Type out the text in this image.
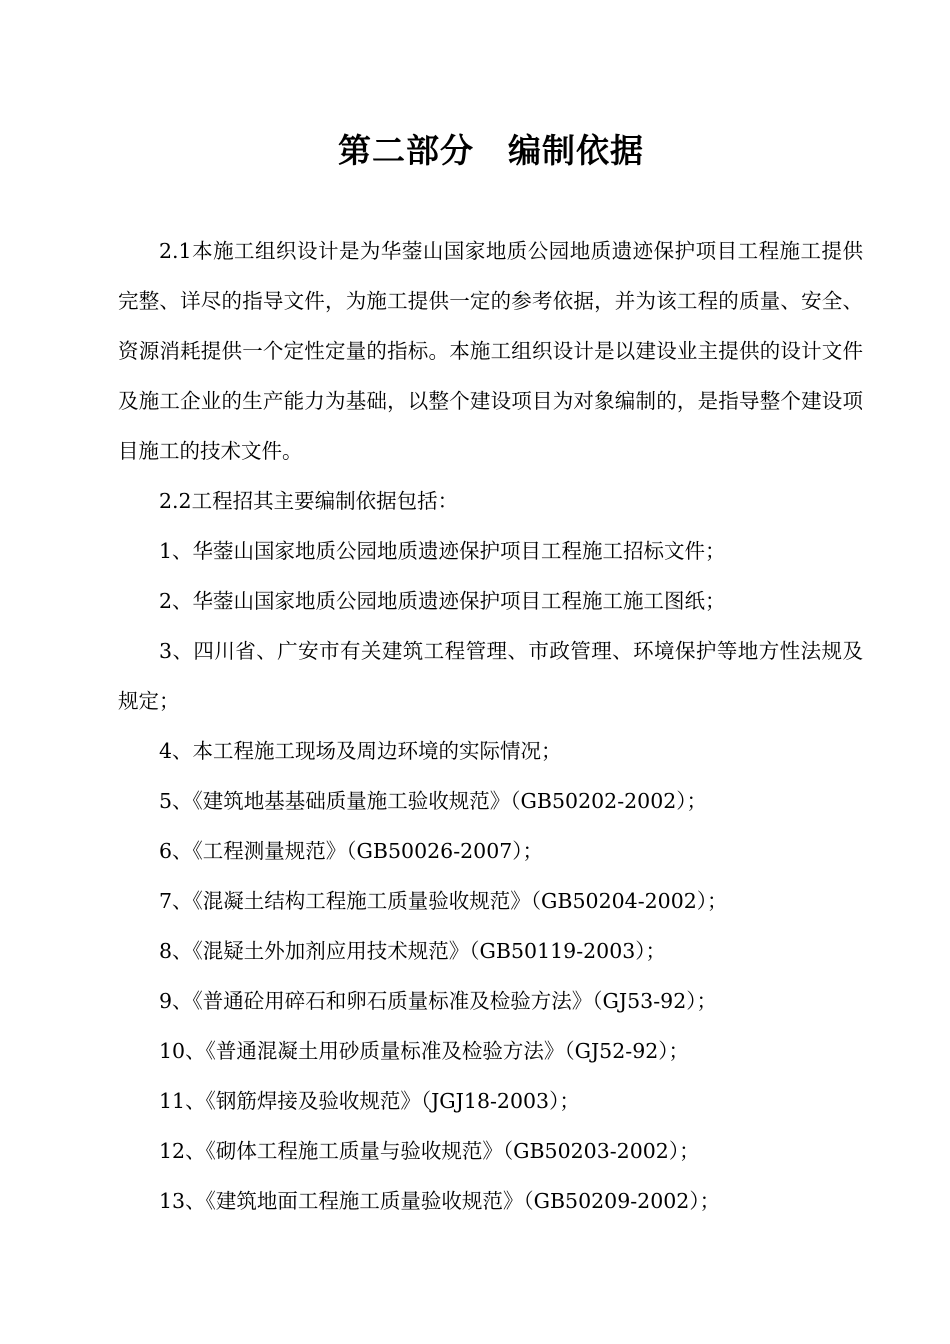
第二部分　编制依据

2.1本施工组织设计是为华蓥山国家地质公园地质遗迹保护项目工程施工提供完整、详尽的指导文件，为施工提供一定的参考依据，并为该工程的质量、安全、资源消耗提供一个定性定量的指标。本施工组织设计是以建设业主提供的设计文件及施工企业的生产能力为基础，以整个建设项目为对象编制的，是指导整个建设项目施工的技术文件。

2.2工程招其主要编制依据包括：

1、华蓥山国家地质公园地质遗迹保护项目工程施工招标文件；

2、华蓥山国家地质公园地质遗迹保护项目工程施工施工图纸；

3、四川省、广安市有关建筑工程管理、市政管理、环境保护等地方性法规及规定；

4、本工程施工现场及周边环境的实际情况；

5、《建筑地基基础质量施工验收规范》（GB50202-2002）；

6、《工程测量规范》（GB50026-2007）；

7、《混凝土结构工程施工质量验收规范》（GB50204-2002）；

8、《混疑土外加剂应用技术规范》（GB50119-2003）；

9、《普通砼用碎石和卵石质量标准及检验方法》（GJ53-92）；

10、《普通混凝土用砂质量标准及检验方法》（GJ52-92）；

11、《钢筋焊接及验收规范》（JGJ18-2003）；

12、《砌体工程施工质量与验收规范》（GB50203-2002）；

13、《建筑地面工程施工质量验收规范》（GB50209-2002）；
